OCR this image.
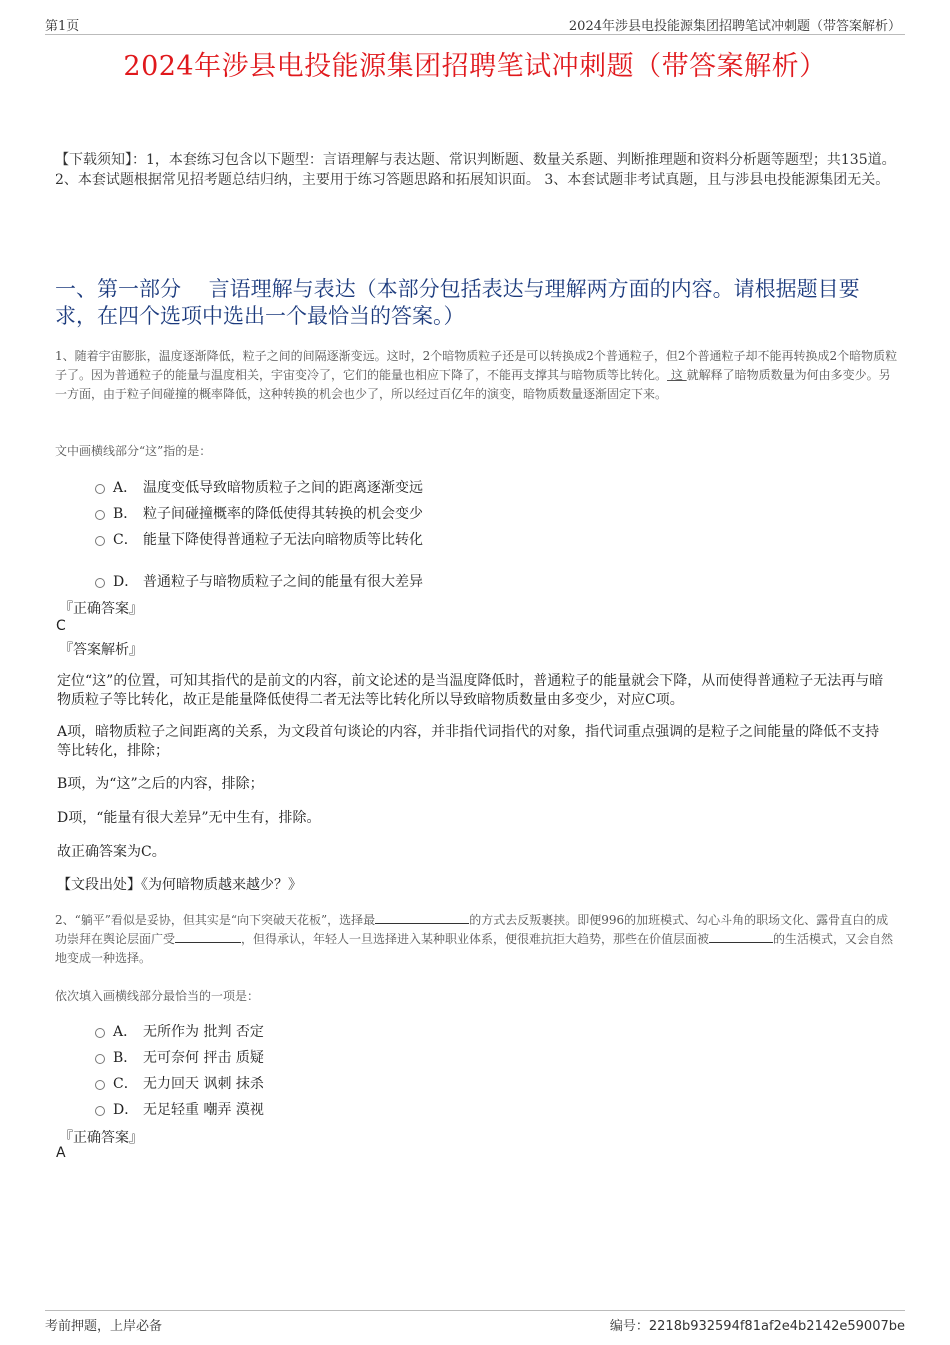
第1页	2024年涉县电投能源集团招聘笔试冲刺题（带答案解析）
2024年涉县电投能源集团招聘笔试冲刺题（带答案解析）
【下载须知】：1，本套练习包含以下题型：言语理解与表达题、常识判断题、数量关系题、判断推理题和资料分析题等题型；共135道。 2、本套试题根据常见招考题总结归纳，主要用于练习答题思路和拓展知识面。 3、本套试题非考试真题，且与涉县电投能源集团无关。
一、第一部分　 言语理解与表达（本部分包括表达与理解两方面的内容。请根据题目要求，在四个选项中选出一个最恰当的答案。）
1、随着宇宙膨胀，温度逐渐降低，粒子之间的间隔逐渐变远。这时，2个暗物质粒子还是可以转换成2个普通粒子，但2个普通粒子却不能再转换成2个暗物质粒子了。因为普通粒子的能量与温度相关，宇宙变冷了，它们的能量也相应下降了，不能再支撑其与暗物质等比转化。 这 就解释了暗物质数量为何由多变少。另一方面，由于粒子间碰撞的概率降低，这种转换的机会也少了，所以经过百亿年的演变，暗物质数量逐渐固定下来。
文中画横线部分“这”指的是：
A． 温度变低导致暗物质粒子之间的距离逐渐变远
B． 粒子间碰撞概率的降低使得其转换的机会变少
C． 能量下降使得普通粒子无法向暗物质等比转化
D． 普通粒子与暗物质粒子之间的能量有很大差异
『正确答案』
C
『答案解析』
定位“这”的位置，可知其指代的是前文的内容，前文论述的是当温度降低时，普通粒子的能量就会下降，从而使得普通粒子无法再与暗物质粒子等比转化，故正是能量降低使得二者无法等比转化所以导致暗物质数量由多变少，对应C项。
A项，暗物质粒子之间距离的关系，为文段首句谈论的内容，并非指代词指代的对象，指代词重点强调的是粒子之间能量的降低不支持等比转化，排除；
B项，为“这”之后的内容，排除；
D项，“能量有很大差异”无中生有，排除。
故正确答案为C。
【文段出处】《为何暗物质越来越少？》
2、“躺平”看似是妥协，但其实是“向下突破天花板”，选择最	的方式去反叛裹挟。即便996的加班模式、勾心斗角的职场文化、露骨直白的成功崇拜在舆论层面广受	，但得承认，年轻人一旦选择进入某种职业体系，便很难抗拒大趋势，那些在价值层面被	的生活模式，又会自然地变成一种选择。
依次填入画横线部分最恰当的一项是：
A． 无所作为 批判 否定
B． 无可奈何 抨击 质疑
C． 无力回天 讽刺 抹杀
D． 无足轻重 嘲弄 漠视
『正确答案』
A
考前押题，上岸必备	编号：2218b932594f81af2e4b2142e59007be
